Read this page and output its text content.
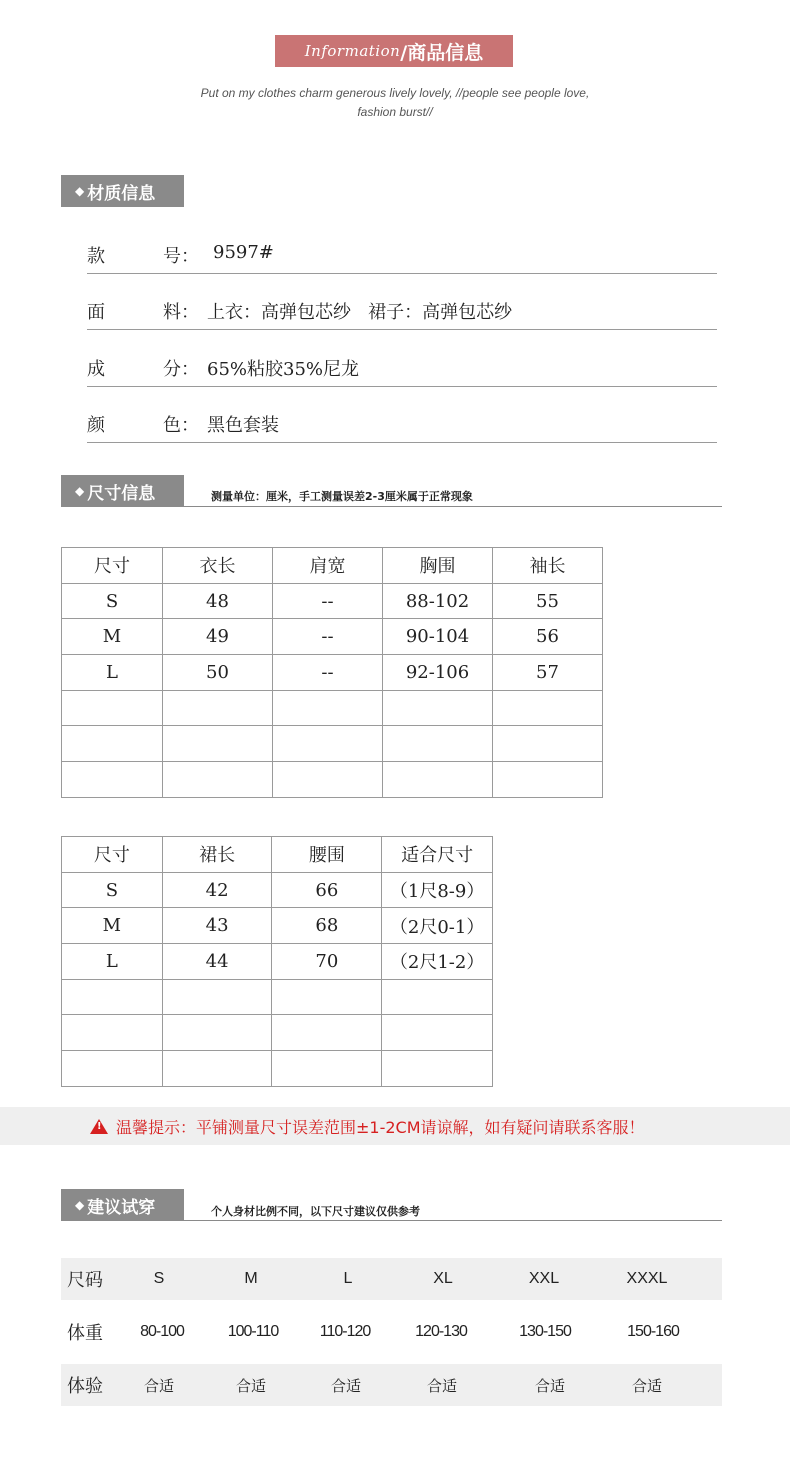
Information /商品信息
Put on my clothes charm generous lively lovely, //people see people love,
fashion burst//
◆ 材质信息
款	号： 9597#
面	料： 上衣：高弹包芯纱   裙子：高弹包芯纱
成	分： 65%粘胶35%尼龙
颜	色： 黑色套装
◆ 尺寸信息	测量单位：厘米，手工测量误差2-3厘米属于正常现象
尺寸	衣长	肩宽	胸围	袖长
S	48	--	88-102	55
M	49	--	90-104	56
L	50	--	92-106	57

尺寸	裙长	腰围	适合尺寸
S	42	66	（1尺8-9）
M	43	68	（2尺0-1）
L	44	70	（2尺1-2）

!
温馨提示：平铺测量尺寸误差范围±1-2CM请谅解，如有疑问请联系客服！
◆ 建议试穿	个人身材比例不同，以下尺寸建议仅供参考
尺码	S	M	L	XL	XXL	XXXL
体重	80-100	100-110	110-120	120-130	130-150	150-160
体验	合适	合适	合适	合适	合适	合适
